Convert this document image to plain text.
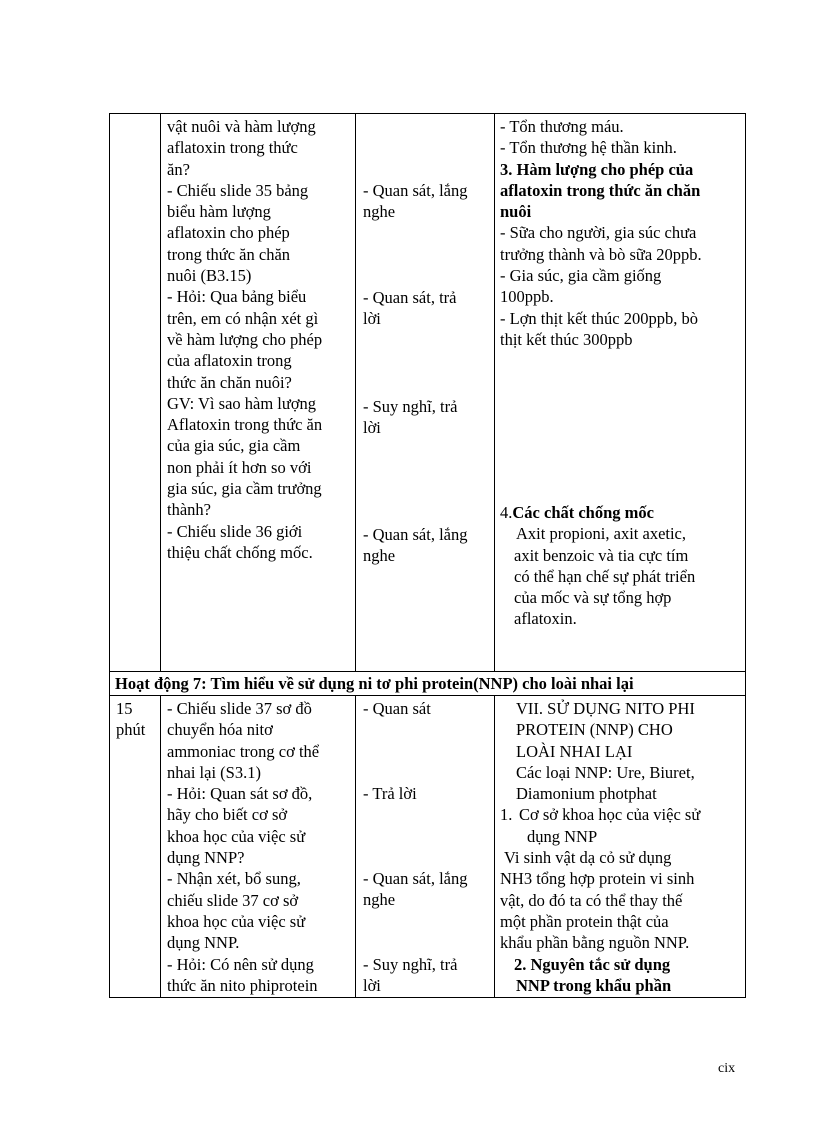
vật nuôi và hàm lượng
aflatoxin trong thức
ăn?
- Chiếu slide 35 bảng
biểu hàm lượng
aflatoxin cho phép
trong thức ăn chăn
nuôi (B3.15)
- Hỏi: Qua bảng biểu
trên, em có nhận xét gì
về hàm lượng cho phép
của aflatoxin trong
thức ăn chăn nuôi?
GV: Vì sao hàm lượng
Aflatoxin trong thức ăn
của gia súc, gia cầm
non phải ít hơn so với
gia súc, gia cầm trưởng
thành?
- Chiếu slide 36 giới
thiệu chất chống mốc.
- Quan sát, lắng
nghe
- Quan sát, trả
lời
- Suy nghĩ, trả
lời
- Quan sát, lắng
nghe
- Tổn thương máu.
- Tổn thương hệ thần kinh.
3. Hàm lượng cho phép của
aflatoxin trong thức ăn chăn
nuôi
- Sữa cho người, gia súc chưa
trưởng thành và bò sữa 20ppb.
- Gia súc, gia cầm giống
100ppb.
- Lợn thịt kết thúc 200ppb, bò
thịt kết thúc 300ppb
4.Các chất chống mốc
Axit propioni, axit axetic,
axit benzoic và tia cực tím
có thể hạn chế sự phát triển
của mốc và sự tổng hợp
aflatoxin.
Hoạt động 7: Tìm hiểu về sử dụng ni tơ phi protein(NNP) cho loài nhai lại
15
phút
- Chiếu slide 37 sơ đồ
chuyển hóa nitơ
ammoniac trong cơ thể
nhai lại (S3.1)
- Hỏi: Quan sát sơ đồ,
hãy cho biết cơ sở
khoa học của việc sử
dụng NNP?
- Nhận xét, bổ sung,
chiếu slide 37 cơ sở
khoa học của việc sử
dụng NNP.
- Hỏi: Có nên sử dụng
thức ăn nito phiprotein
- Quan sát
- Trả lời
- Quan sát, lắng
nghe
- Suy nghĩ, trả
lời
VII. SỬ DỤNG NITO PHI
PROTEIN (NNP) CHO
LOÀI NHAI LẠI
Các loại NNP: Ure, Biuret,
Diamonium photphat
1. Cơ sở khoa học của việc sử
dụng NNP
Vi sinh vật dạ cỏ sử dụng
NH3 tổng hợp protein vi sinh
vật, do đó ta có thể thay thế
một phần protein thật của
khẩu phần bằng nguồn NNP.
2. Nguyên tắc sử dụng
NNP trong khẩu phần
cix
